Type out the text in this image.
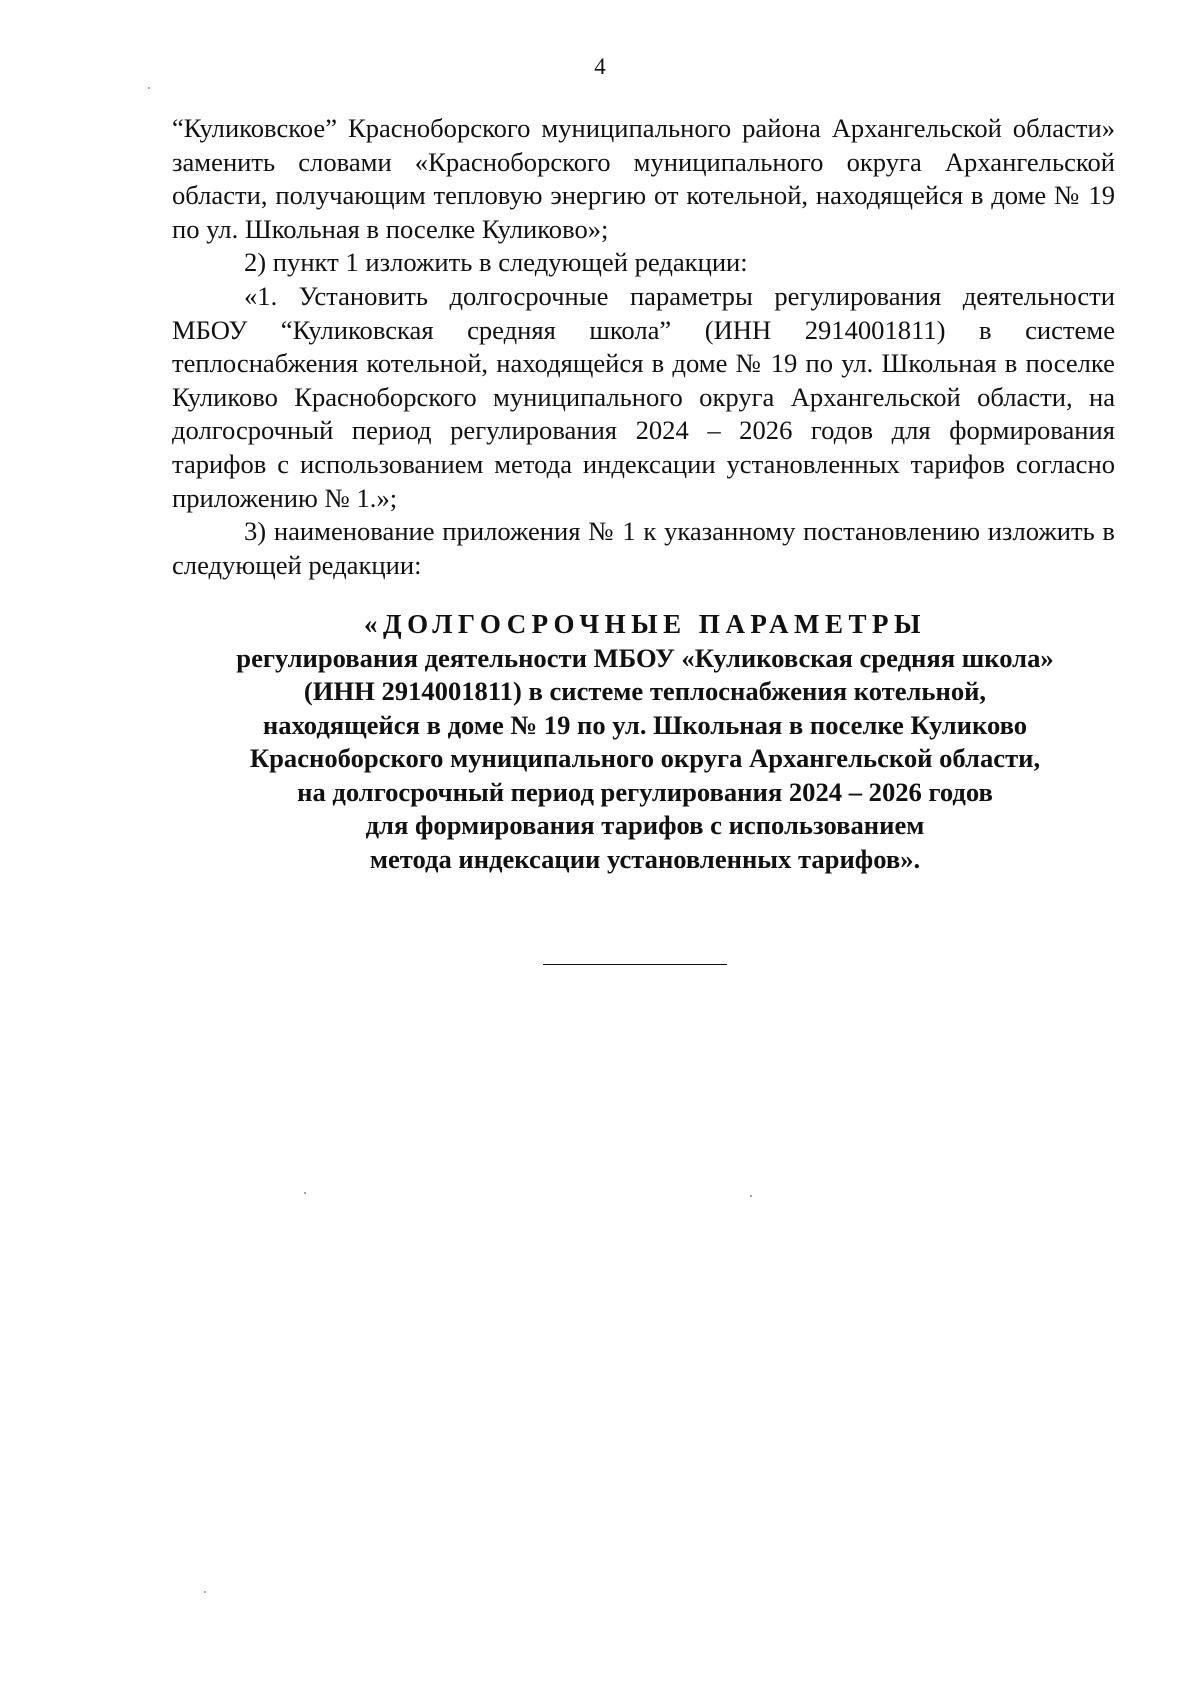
4

“Куликовское” Красноборского муниципального района Архангельской области» заменить словами «Красноборского муниципального округа Архангельской области, получающим тепловую энергию от котельной, находящейся в доме № 19 по ул. Школьная в поселке Куликово»;

2) пункт 1 изложить в следующей редакции:

«1. Установить долгосрочные параметры регулирования деятельности МБОУ “Куликовская средняя школа” (ИНН 2914001811) в системе теплоснабжения котельной, находящейся в доме № 19 по ул. Школьная в поселке Куликово Красноборского муниципального округа Архангельской области, на долгосрочный период регулирования 2024 – 2026 годов для формирования тарифов с использованием метода индексации установленных тарифов согласно приложению № 1.»;

3) наименование приложения № 1 к указанному постановлению изложить в следующей редакции:

«ДОЛГОСРОЧНЫЕ ПАРАМЕТРЫ
регулирования деятельности МБОУ «Куликовская средняя школа»
(ИНН 2914001811) в системе теплоснабжения котельной,
находящейся в доме № 19 по ул. Школьная в поселке Куликово
Красноборского муниципального округа Архангельской области,
на долгосрочный период регулирования 2024 – 2026 годов
для формирования тарифов с использованием
метода индексации установленных тарифов».
